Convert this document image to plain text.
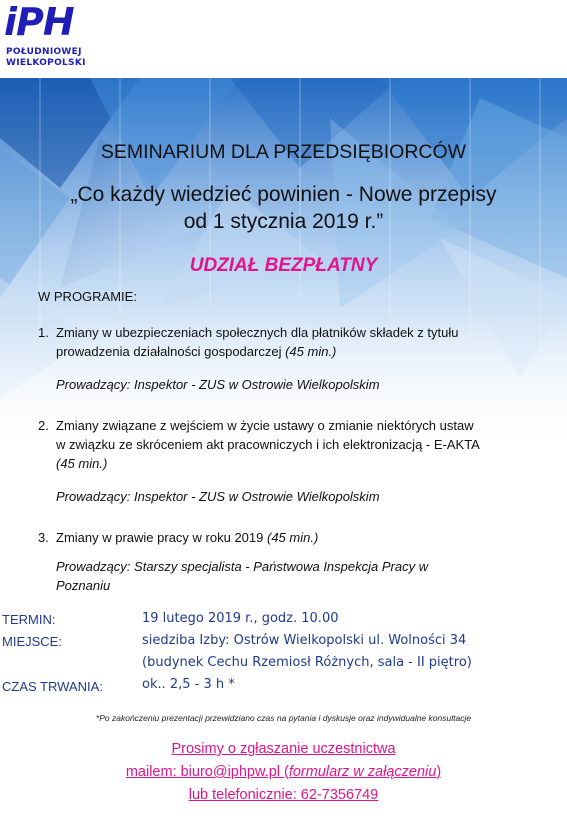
iPH
POŁUDNIOWEJ
WIELKOPOLSKI
SEMINARIUM DLA PRZEDSIĘBIORCÓW
„Co każdy wiedzieć powinien - Nowe przepisy
od 1 stycznia 2019 r.”
UDZIAŁ BEZPŁATNY
W PROGRAMIE:
1. Zmiany w ubezpieczeniach społecznych dla płatników składek z tytułu
prowadzenia działalności gospodarczej (45 min.)
Prowadzący: Inspektor - ZUS w Ostrowie Wielkopolskim
2. Zmiany związane z wejściem w życie ustawy o zmianie niektórych ustaw
w związku ze skróceniem akt pracowniczych i ich elektronizacją - E-AKTA
(45 min.)
Prowadzący: Inspektor - ZUS w Ostrowie Wielkopolskim
3. Zmiany w prawie pracy w roku 2019 (45 min.)
Prowadzący: Starszy specjalista - Państwowa Inspekcja Pracy w
Poznaniu
TERMIN:	19 lutego 2019 r., godz. 10.00
MIEJSCE:	siedziba Izby: Ostrów Wielkopolski ul. Wolności 34
(budynek Cechu Rzemiosł Różnych, sala - II piętro)
CZAS TRWANIA:	ok.. 2,5 - 3 h *
*Po zakończeniu prezentacji przewidziano czas na pytania i dyskusje oraz indywidualne konsultacje
Prosimy o zgłaszanie uczestnictwa
mailem: biuro@iphpw.pl (formularz w załączeniu)
lub telefonicznie: 62-7356749
